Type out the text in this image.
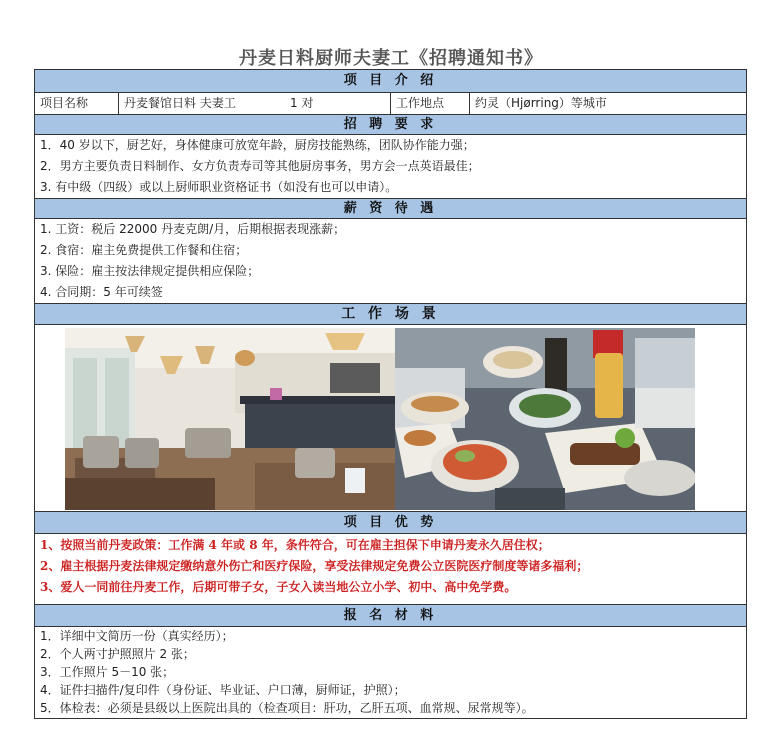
丹麦日料厨师夫妻工《招聘通知书》
项 目 介 绍
项目名称	丹麦餐馆日料 夫妻工	1 对	工作地点	约灵（Hjørring）等城市
招 聘 要 求
1．40 岁以下，厨艺好，身体健康可放宽年龄，厨房技能熟练，团队协作能力强；
2．男方主要负责日料制作、女方负责寿司等其他厨房事务，男方会一点英语最佳；
3. 有中级（四级）或以上厨师职业资格证书（如没有也可以申请）。
薪 资 待 遇
1. 工资：税后 22000 丹麦克朗/月，后期根据表现涨薪；
2. 食宿：雇主免费提供工作餐和住宿；
3. 保险：雇主按法律规定提供相应保险；
4. 合同期：5 年可续签
工 作 场 景
项 目 优 势
1、按照当前丹麦政策：工作满 4 年或 8 年，条件符合，可在雇主担保下申请丹麦永久居住权；
2、雇主根据丹麦法律规定缴纳意外伤亡和医疗保险，享受法律规定免费公立医院医疗制度等诸多福利；
3、爱人一同前往丹麦工作，后期可带子女，子女入读当地公立小学、初中、高中免学费。
报 名 材 料
1．详细中文简历一份（真实经历）；
2．个人两寸护照照片 2 张；
3．工作照片 5－10 张；
4．证件扫描件/复印件（身份证、毕业证、户口薄，厨师证，护照）；
5．体检表：必须是县级以上医院出具的（检查项目：肝功，乙肝五项、血常规、尿常规等）。
